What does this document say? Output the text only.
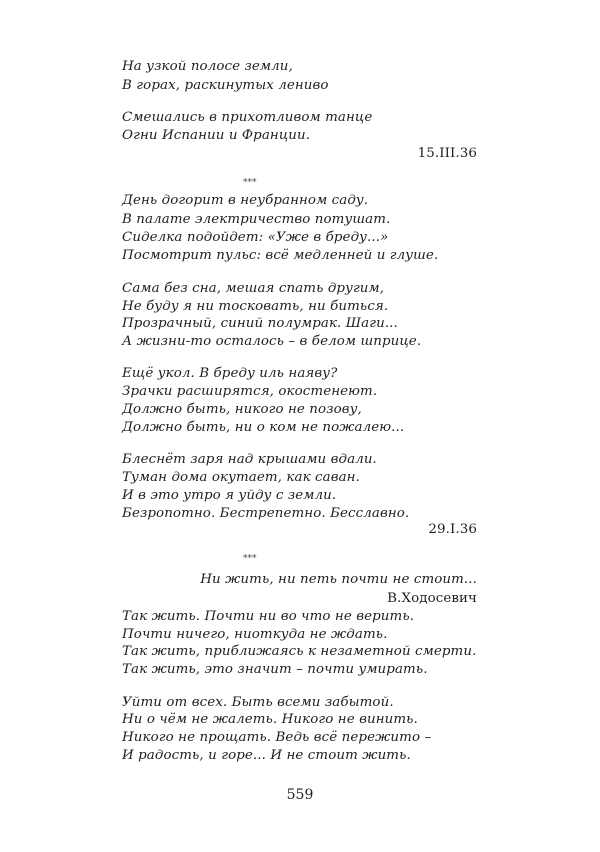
На узкой полосе земли,
В горах, раскинутых лениво
Смешались в прихотливом танце
Огни Испании и Франции.
15.III.36
***
День догорит в неубранном саду.
В палате электричество потушат.
Сиделка подойдет: «Уже в бреду...»
Посмотрит пульс: всё медленней и глуше.
Сама без сна, мешая спать другим,
Не буду я ни тосковать, ни биться.
Прозрачный, синий полумрак. Шаги...
А жизни-то осталось – в белом шприце.
Ещё укол. В бреду иль наяву?
Зрачки расширятся, окостенеют.
Должно быть, никого не позову,
Должно быть, ни о ком не пожалею...
Блеснёт заря над крышами вдали.
Туман дома окутает, как саван.
И в это утро я уйду с земли.
Безропотно. Бестрепетно. Бесславно.
29.I.36
***
Ни жить, ни петь почти не стоит...
В.Ходосевич
Так жить. Почти ни во что не верить.
Почти ничего, ниоткуда не ждать.
Так жить, приближаясь к незаметной смерти.
Так жить, это значит – почти умирать.
Уйти от всех. Быть всеми забытой.
Ни о чём не жалеть. Никого не винить.
Никого не прощать. Ведь всё пережито –
И радость, и горе... И не стоит жить.
559
